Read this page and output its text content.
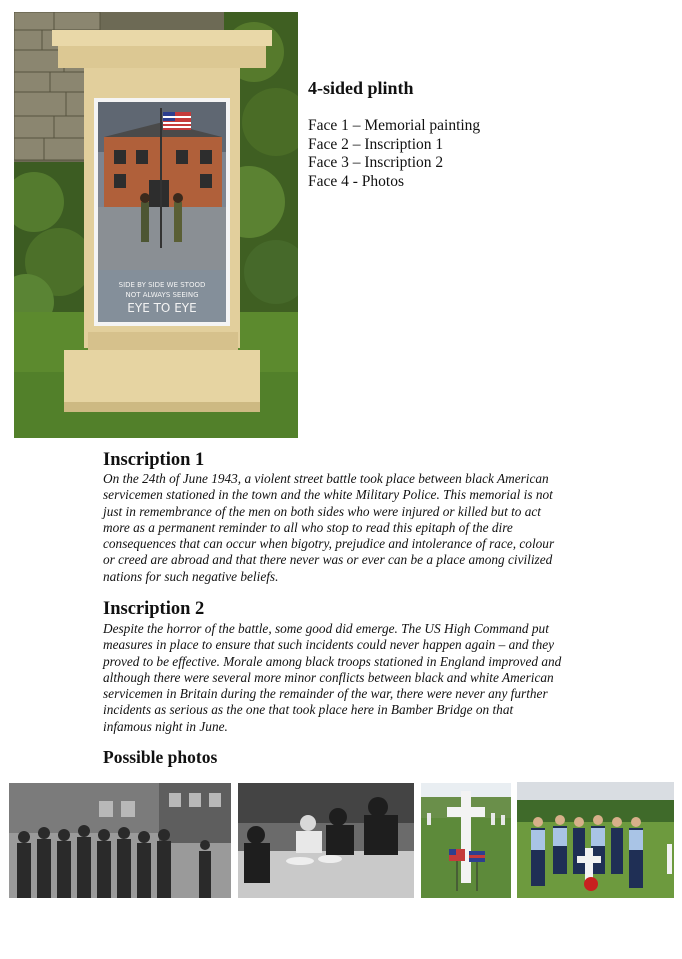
SIDE BY SIDE WE STOOD
NOT ALWAYS SEEING
EYE TO EYE
4-sided plinth
Face 1 – Memorial painting
Face 2 – Inscription 1
Face 3 – Inscription 2
Face 4 - Photos
Inscription 1
On the 24th of June 1943, a violent street battle took place between black American
servicemen stationed in the town and the white Military Police. This memorial is not
just in remembrance of the men on both sides who were injured or killed but to act
more as a permanent reminder to all who stop to read this epitaph of the dire
consequences that can occur when bigotry, prejudice and intolerance of race, colour
or creed are abroad and that there never was or ever can be a place among civilized
nations for such negative beliefs.
Inscription 2
Despite the horror of the battle, some good did emerge. The US High Command put
measures in place to ensure that such incidents could never happen again – and they
proved to be effective. Morale among black troops stationed in England improved and
although there were several more minor conflicts between black and white American
servicemen in Britain during the remainder of the war, there were never any further
incidents as serious as the one that took place here in Bamber Bridge on that
infamous night in June.
Possible photos
